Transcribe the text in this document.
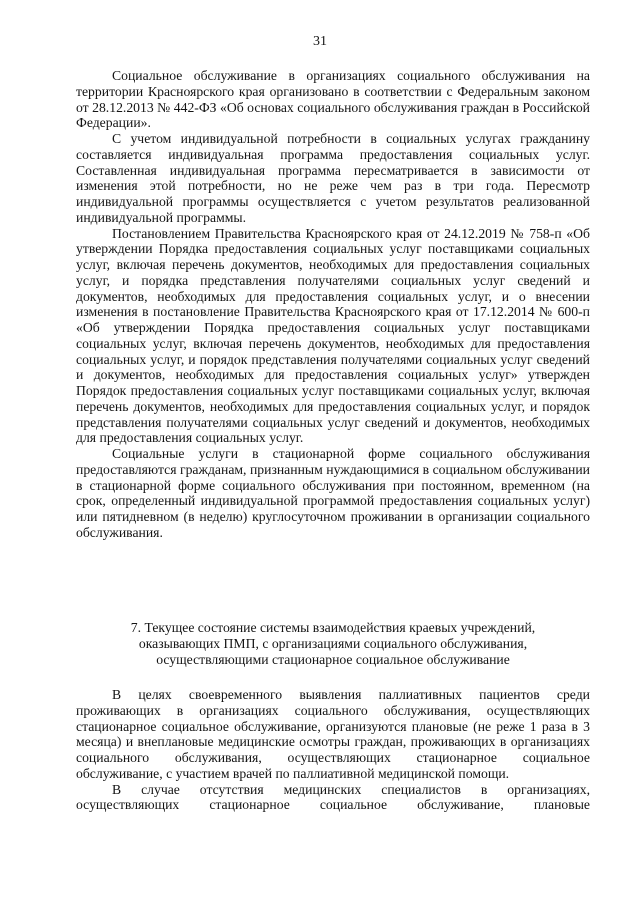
31

Социальное обслуживание в организациях социального обслуживания на территории Красноярского края организовано в соответствии с Федеральным законом от 28.12.2013 № 442-ФЗ «Об основах социального обслуживания граждан в Российской Федерации».

С учетом индивидуальной потребности в социальных услугах гражданину составляется индивидуальная программа предоставления социальных услуг. Составленная индивидуальная программа пересматривается в зависимости от изменения этой потребности, но не реже чем раз в три года. Пересмотр индивидуальной программы осуществляется с учетом результатов реализованной индивидуальной программы.

Постановлением Правительства Красноярского края от 24.12.2019 № 758-п «Об утверждении Порядка предоставления социальных услуг поставщиками социальных услуг, включая перечень документов, необходимых для предоставления социальных услуг, и порядка представления получателями социальных услуг сведений и документов, необходимых для предоставления социальных услуг, и о внесении изменения в постановление Правительства Красноярского края от 17.12.2014 № 600-п «Об утверждении Порядка предоставления социальных услуг поставщиками социальных услуг, включая перечень документов, необходимых для предоставления социальных услуг, и порядок представления получателями социальных услуг сведений и документов, необходимых для предоставления социальных услуг» утвержден Порядок предоставления социальных услуг поставщиками социальных услуг, включая перечень документов, необходимых для предоставления социальных услуг, и порядок представления получателями социальных услуг сведений и документов, необходимых для предоставления социальных услуг.

Социальные услуги в стационарной форме социального обслуживания предоставляются гражданам, признанным нуждающимися в социальном обслуживании в стационарной форме социального обслуживания при постоянном, временном (на срок, определенный индивидуальной программой предоставления социальных услуг) или пятидневном (в неделю) круглосуточном проживании в организации социального обслуживания.

7. Текущее состояние системы взаимодействия краевых учреждений,
оказывающих ПМП, с организациями социального обслуживания,
осуществляющими стационарное социальное обслуживание

В целях своевременного выявления паллиативных пациентов среди проживающих в организациях социального обслуживания, осуществляющих стационарное социальное обслуживание, организуются плановые (не реже 1 раза в 3 месяца) и внеплановые медицинские осмотры граждан, проживающих в организациях социального обслуживания, осуществляющих стационарное социальное обслуживание, с участием врачей по паллиативной медицинской помощи.

В случае отсутствия медицинских специалистов в организациях, осуществляющих стационарное социальное обслуживание, плановые
